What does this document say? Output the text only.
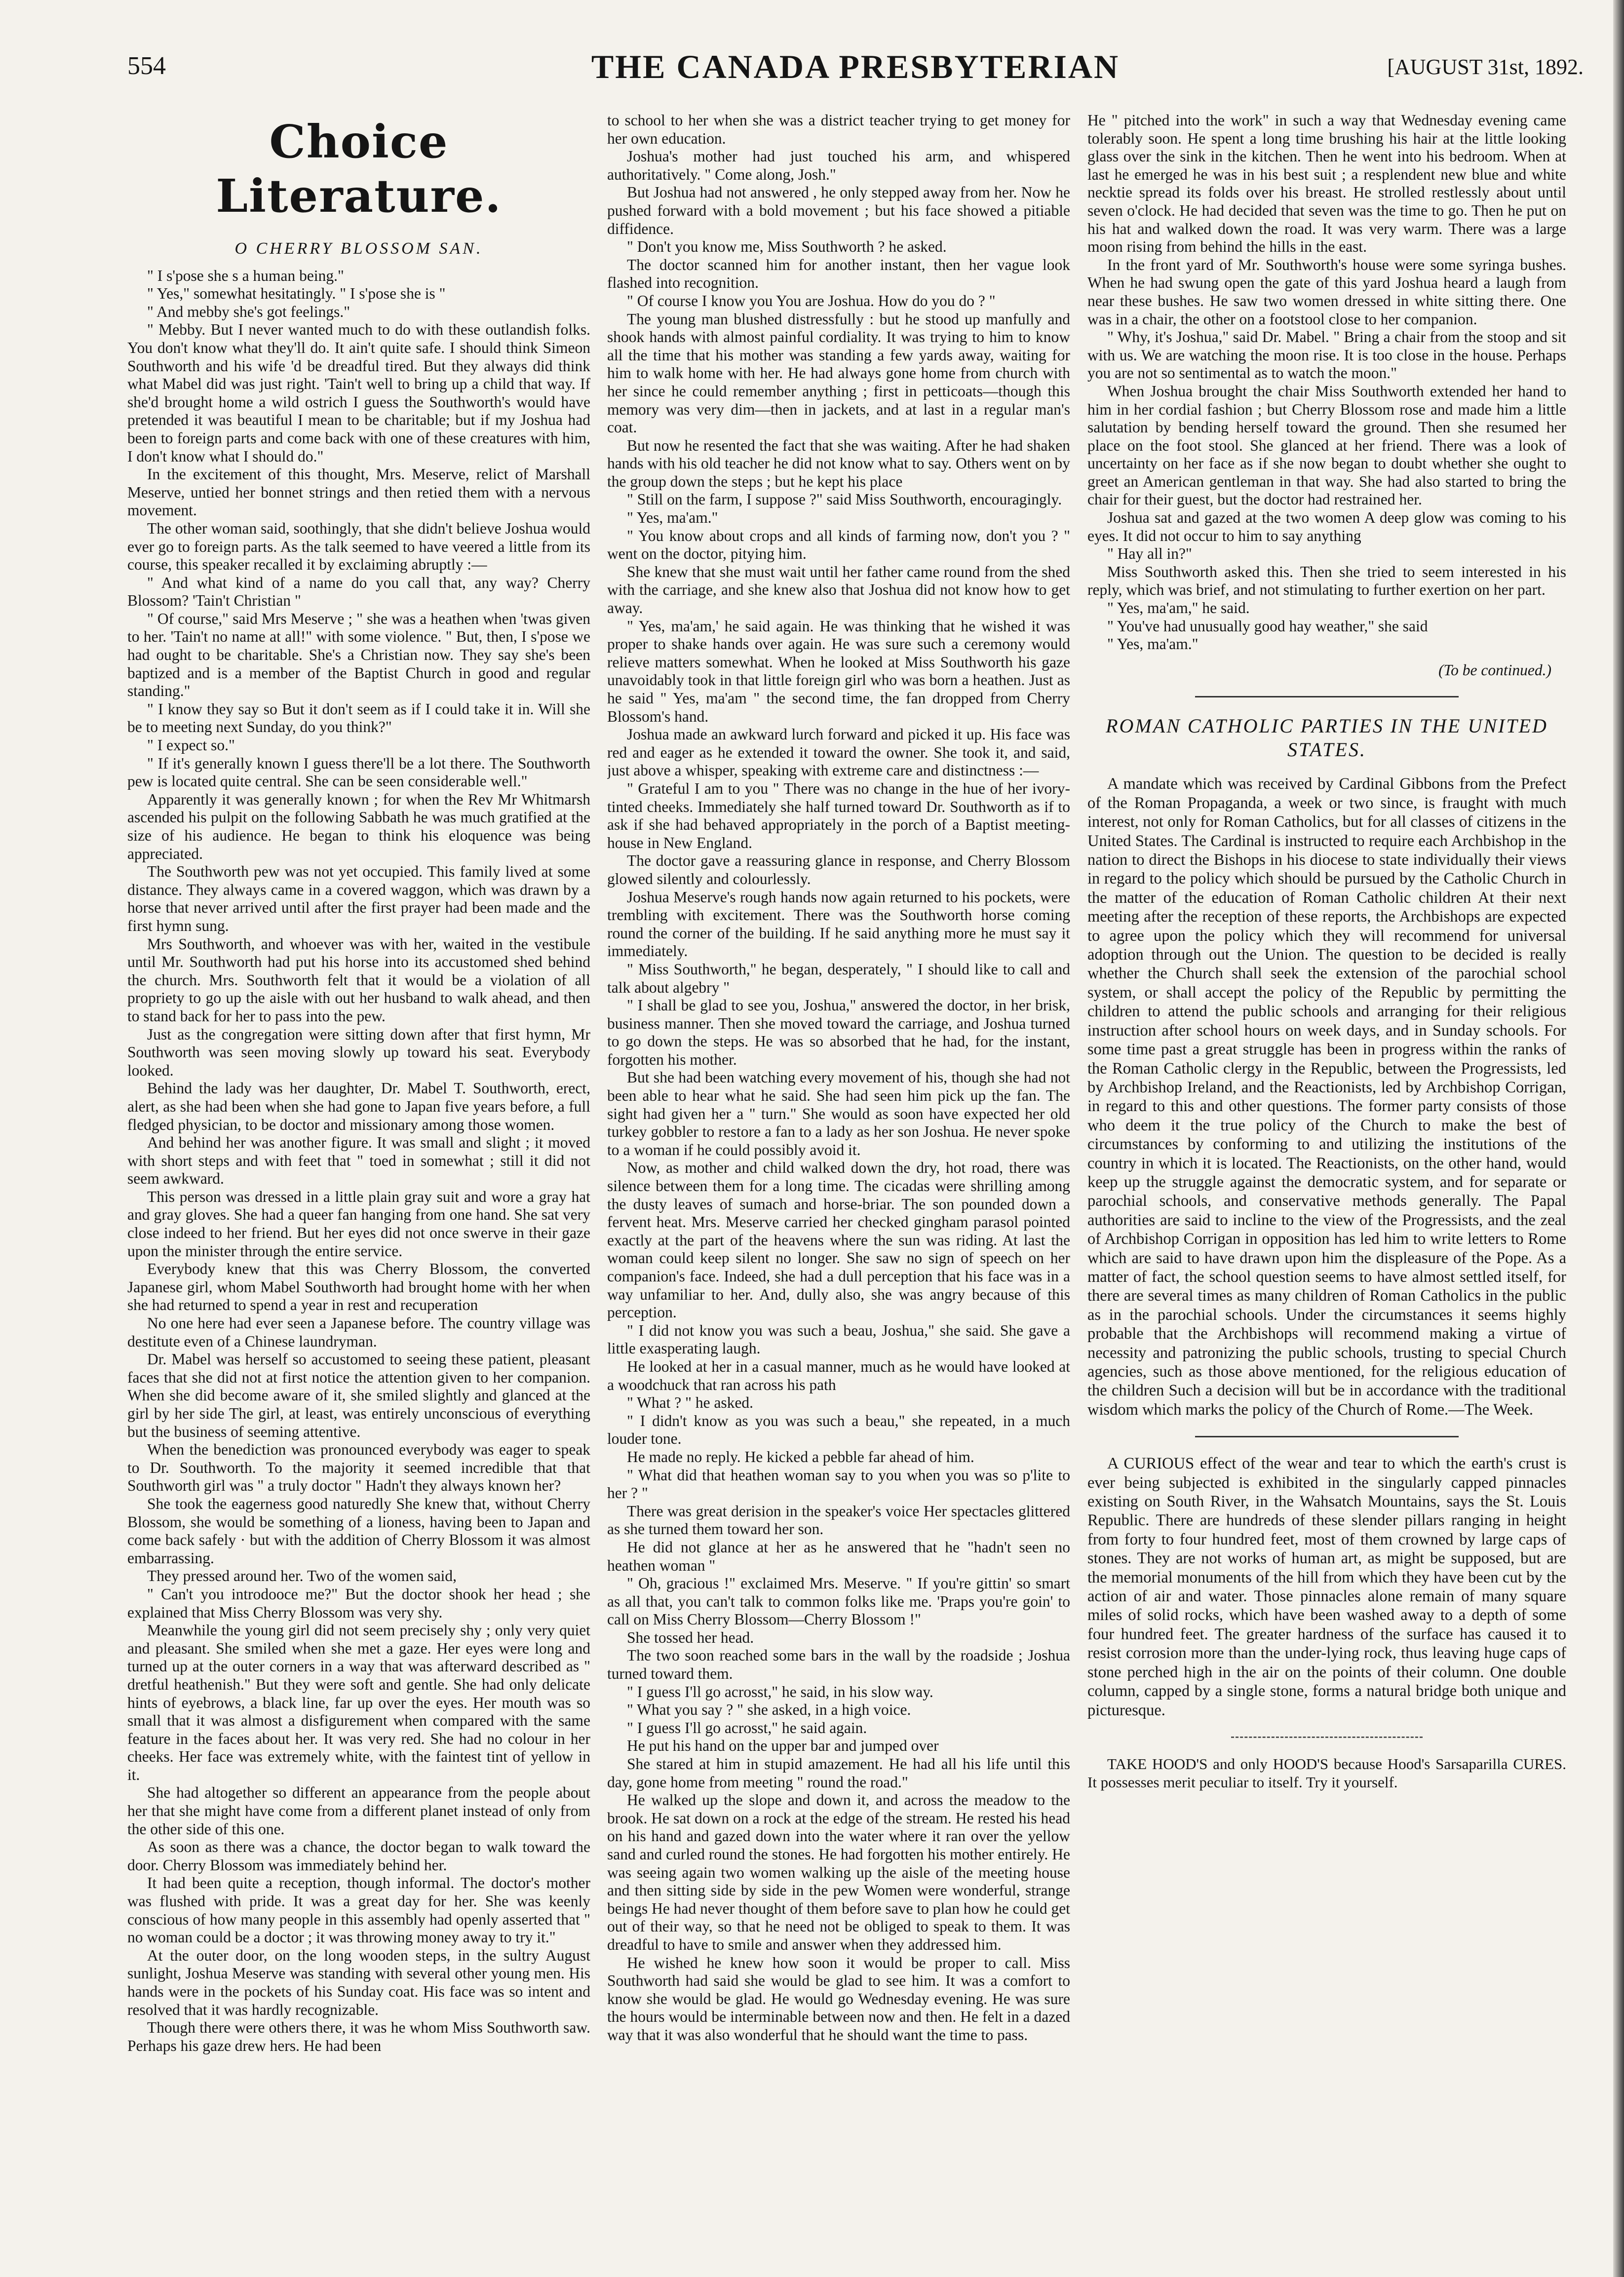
554	THE CANADA PRESBYTERIAN	[AUGUST 31st, 1892.
Choice Literature.
O CHERRY BLOSSOM SAN.

" I s'pose she s a human being."

" Yes," somewhat hesitatingly. " I s'pose she is "

" And mebby she's got feelings."

" Mebby. But I never wanted much to do with these outlandish folks. You don't know what they'll do. It ain't quite safe. I should think Simeon Southworth and his wife 'd be dreadful tired. But they always did think what Mabel did was just right. 'Tain't well to bring up a child that way. If she'd brought home a wild ostrich I guess the Southworth's would have pretended it was beautiful I mean to be charitable; but if my Joshua had been to foreign parts and come back with one of these creatures with him, I don't know what I should do."

In the excitement of this thought, Mrs. Meserve, relict of Marshall Meserve, untied her bonnet strings and then retied them with a nervous movement.

The other woman said, soothingly, that she didn't believe Joshua would ever go to foreign parts. As the talk seemed to have veered a little from its course, this speaker recalled it by exclaiming abruptly :—

" And what kind of a name do you call that, any way? Cherry Blossom? 'Tain't Christian "

" Of course," said Mrs Meserve ; " she was a heathen when 'twas given to her. 'Tain't no name at all!" with some violence. " But, then, I s'pose we had ought to be charitable. She's a Christian now. They say she's been baptized and is a member of the Baptist Church in good and regular standing."

" I know they say so But it don't seem as if I could take it in. Will she be to meeting next Sunday, do you think?"

" I expect so."

" If it's generally known I guess there'll be a lot there. The Southworth pew is located quite central. She can be seen considerable well."

Apparently it was generally known ; for when the Rev Mr Whitmarsh ascended his pulpit on the following Sabbath he was much gratified at the size of his audience. He began to think his eloquence was being appreciated.

The Southworth pew was not yet occupied. This family lived at some distance. They always came in a covered waggon, which was drawn by a horse that never arrived until after the first prayer had been made and the first hymn sung.

Mrs Southworth, and whoever was with her, waited in the vestibule until Mr. Southworth had put his horse into its accustomed shed behind the church. Mrs. Southworth felt that it would be a violation of all propriety to go up the aisle with out her husband to walk ahead, and then to stand back for her to pass into the pew.

Just as the congregation were sitting down after that first hymn, Mr Southworth was seen moving slowly up toward his seat. Everybody looked.

Behind the lady was her daughter, Dr. Mabel T. Southworth, erect, alert, as she had been when she had gone to Japan five years before, a full fledged physician, to be doctor and missionary among those women.

And behind her was another figure. It was small and slight ; it moved with short steps and with feet that " toed in somewhat ; still it did not seem awkward.

This person was dressed in a little plain gray suit and wore a gray hat and gray gloves. She had a queer fan hanging from one hand. She sat very close indeed to her friend. But her eyes did not once swerve in their gaze upon the minister through the entire service.

Everybody knew that this was Cherry Blossom, the converted Japanese girl, whom Mabel Southworth had brought home with her when she had returned to spend a year in rest and recuperation

No one here had ever seen a Japanese before. The country village was destitute even of a Chinese laundryman.

Dr. Mabel was herself so accustomed to seeing these patient, pleasant faces that she did not at first notice the attention given to her companion. When she did become aware of it, she smiled slightly and glanced at the girl by her side The girl, at least, was entirely unconscious of everything but the business of seeming attentive.

When the benediction was pronounced everybody was eager to speak to Dr. Southworth. To the majority it seemed incredible that that Southworth girl was " a truly doctor " Hadn't they always known her?

She took the eagerness good naturedly She knew that, without Cherry Blossom, she would be something of a lioness, having been to Japan and come back safely · but with the addition of Cherry Blossom it was almost embarrassing.

They pressed around her. Two of the women said,

" Can't you introdooce me?" But the doctor shook her head ; she explained that Miss Cherry Blossom was very shy.

Meanwhile the young girl did not seem precisely shy ; only very quiet and pleasant. She smiled when she met a gaze. Her eyes were long and turned up at the outer corners in a way that was afterward described as " dretful heathenish." But they were soft and gentle. She had only delicate hints of eyebrows, a black line, far up over the eyes. Her mouth was so small that it was almost a disfigurement when compared with the same feature in the faces about her. It was very red. She had no colour in her cheeks. Her face was extremely white, with the faintest tint of yellow in it.

She had altogether so different an appearance from the people about her that she might have come from a different planet instead of only from the other side of this one.

As soon as there was a chance, the doctor began to walk toward the door. Cherry Blossom was immediately behind her.

It had been quite a reception, though informal. The doctor's mother was flushed with pride. It was a great day for her. She was keenly conscious of how many people in this assembly had openly asserted that " no woman could be a doctor ; it was throwing money away to try it."

At the outer door, on the long wooden steps, in the sultry August sunlight, Joshua Meserve was standing with several other young men. His hands were in the pockets of his Sunday coat. His face was so intent and resolved that it was hardly recognizable.

Though there were others there, it was he whom Miss Southworth saw. Perhaps his gaze drew hers. He had been

to school to her when she was a district teacher trying to get money for her own education.

Joshua's mother had just touched his arm, and whispered authoritatively. " Come along, Josh."

But Joshua had not answered , he only stepped away from her. Now he pushed forward with a bold movement ; but his face showed a pitiable diffidence.

" Don't you know me, Miss Southworth ? he asked.

The doctor scanned him for another instant, then her vague look flashed into recognition.

" Of course I know you You are Joshua. How do you do ? "

The young man blushed distressfully : but he stood up manfully and shook hands with almost painful cordiality. It was trying to him to know all the time that his mother was standing a few yards away, waiting for him to walk home with her. He had always gone home from church with her since he could remember anything ; first in petticoats—though this memory was very dim—then in jackets, and at last in a regular man's coat.

But now he resented the fact that she was waiting. After he had shaken hands with his old teacher he did not know what to say. Others went on by the group down the steps ; but he kept his place

" Still on the farm, I suppose ?" said Miss Southworth, encouragingly.

" Yes, ma'am."

" You know about crops and all kinds of farming now, don't you ? " went on the doctor, pitying him.

She knew that she must wait until her father came round from the shed with the carriage, and she knew also that Joshua did not know how to get away.

" Yes, ma'am,' he said again. He was thinking that he wished it was proper to shake hands over again. He was sure such a ceremony would relieve matters somewhat. When he looked at Miss Southworth his gaze unavoidably took in that little foreign girl who was born a heathen. Just as he said " Yes, ma'am " the second time, the fan dropped from Cherry Blossom's hand.

Joshua made an awkward lurch forward and picked it up. His face was red and eager as he extended it toward the owner. She took it, and said, just above a whisper, speaking with extreme care and distinctness :—

" Grateful I am to you " There was no change in the hue of her ivory-tinted cheeks. Immediately she half turned toward Dr. Southworth as if to ask if she had behaved appropriately in the porch of a Baptist meeting-house in New England.

The doctor gave a reassuring glance in response, and Cherry Blossom glowed silently and colourlessly.

Joshua Meserve's rough hands now again returned to his pockets, were trembling with excitement. There was the Southworth horse coming round the corner of the building. If he said anything more he must say it immediately.

" Miss Southworth," he began, desperately, " I should like to call and talk about algebry "

" I shall be glad to see you, Joshua," answered the doctor, in her brisk, business manner. Then she moved toward the carriage, and Joshua turned to go down the steps. He was so absorbed that he had, for the instant, forgotten his mother.

But she had been watching every movement of his, though she had not been able to hear what he said. She had seen him pick up the fan. The sight had given her a " turn." She would as soon have expected her old turkey gobbler to restore a fan to a lady as her son Joshua. He never spoke to a woman if he could possibly avoid it.

Now, as mother and child walked down the dry, hot road, there was silence between them for a long time. The cicadas were shrilling among the dusty leaves of sumach and horse-briar. The son pounded down a fervent heat. Mrs. Meserve carried her checked gingham parasol pointed exactly at the part of the heavens where the sun was riding. At last the woman could keep silent no longer. She saw no sign of speech on her companion's face. Indeed, she had a dull perception that his face was in a way unfamiliar to her. And, dully also, she was angry because of this perception.

" I did not know you was such a beau, Joshua," she said. She gave a little exasperating laugh.

He looked at her in a casual manner, much as he would have looked at a woodchuck that ran across his path

" What ? " he asked.

" I didn't know as you was such a beau," she repeated, in a much louder tone.

He made no reply. He kicked a pebble far ahead of him.

" What did that heathen woman say to you when you was so p'lite to her ? "

There was great derision in the speaker's voice Her spectacles glittered as she turned them toward her son.

He did not glance at her as he answered that he "hadn't seen no heathen woman "

" Oh, gracious !" exclaimed Mrs. Meserve. " If you're gittin' so smart as all that, you can't talk to common folks like me. 'Praps you're goin' to call on Miss Cherry Blossom—Cherry Blossom !"

She tossed her head.

The two soon reached some bars in the wall by the roadside ; Joshua turned toward them.

" I guess I'll go acrosst," he said, in his slow way.

" What you say ? " she asked, in a high voice.

" I guess I'll go acrosst," he said again.

He put his hand on the upper bar and jumped over

She stared at him in stupid amazement. He had all his life until this day, gone home from meeting " round the road."

He walked up the slope and down it, and across the meadow to the brook. He sat down on a rock at the edge of the stream. He rested his head on his hand and gazed down into the water where it ran over the yellow sand and curled round the stones. He had forgotten his mother entirely. He was seeing again two women walking up the aisle of the meeting house and then sitting side by side in the pew Women were wonderful, strange beings He had never thought of them before save to plan how he could get out of their way, so that he need not be obliged to speak to them. It was dreadful to have to smile and answer when they addressed him.

He wished he knew how soon it would be proper to call. Miss Southworth had said she would be glad to see him. It was a comfort to know she would be glad. He would go Wednesday evening. He was sure the hours would be interminable between now and then. He felt in a dazed way that it was also wonderful that he should want the time to pass.

He " pitched into the work" in such a way that Wednesday evening came tolerably soon. He spent a long time brushing his hair at the little looking glass over the sink in the kitchen. Then he went into his bedroom. When at last he emerged he was in his best suit ; a resplendent new blue and white necktie spread its folds over his breast. He strolled restlessly about until seven o'clock. He had decided that seven was the time to go. Then he put on his hat and walked down the road. It was very warm. There was a large moon rising from behind the hills in the east.

In the front yard of Mr. Southworth's house were some syringa bushes. When he had swung open the gate of this yard Joshua heard a laugh from near these bushes. He saw two women dressed in white sitting there. One was in a chair, the other on a footstool close to her companion.

" Why, it's Joshua," said Dr. Mabel. " Bring a chair from the stoop and sit with us. We are watching the moon rise. It is too close in the house. Perhaps you are not so sentimental as to watch the moon."

When Joshua brought the chair Miss Southworth extended her hand to him in her cordial fashion ; but Cherry Blossom rose and made him a little salutation by bending herself toward the ground. Then she resumed her place on the foot stool. She glanced at her friend. There was a look of uncertainty on her face as if she now began to doubt whether she ought to greet an American gentleman in that way. She had also started to bring the chair for their guest, but the doctor had restrained her.

Joshua sat and gazed at the two women A deep glow was coming to his eyes. It did not occur to him to say anything

" Hay all in?"

Miss Southworth asked this. Then she tried to seem interested in his reply, which was brief, and not stimulating to further exertion on her part.

" Yes, ma'am," he said.

" You've had unusually good hay weather," she said

" Yes, ma'am."

(To be continued.)
ROMAN CATHOLIC PARTIES IN THE UNITED STATES.

A mandate which was received by Cardinal Gibbons from the Prefect of the Roman Propaganda, a week or two since, is fraught with much interest, not only for Roman Catholics, but for all classes of citizens in the United States. The Cardinal is instructed to require each Archbishop in the nation to direct the Bishops in his diocese to state individually their views in regard to the policy which should be pursued by the Catholic Church in the matter of the education of Roman Catholic children At their next meeting after the reception of these reports, the Archbishops are expected to agree upon the policy which they will recommend for universal adoption through out the Union. The question to be decided is really whether the Church shall seek the extension of the parochial school system, or shall accept the policy of the Republic by permitting the children to attend the public schools and arranging for their religious instruction after school hours on week days, and in Sunday schools. For some time past a great struggle has been in progress within the ranks of the Roman Catholic clergy in the Republic, between the Progressists, led by Archbishop Ireland, and the Reactionists, led by Archbishop Corrigan, in regard to this and other questions. The former party consists of those who deem it the true policy of the Church to make the best of circumstances by conforming to and utilizing the institutions of the country in which it is located. The Reactionists, on the other hand, would keep up the struggle against the democratic system, and for separate or parochial schools, and conservative methods generally. The Papal authorities are said to incline to the view of the Progressists, and the zeal of Archbishop Corrigan in opposition has led him to write letters to Rome which are said to have drawn upon him the displeasure of the Pope. As a matter of fact, the school question seems to have almost settled itself, for there are several times as many children of Roman Catholics in the public as in the parochial schools. Under the circumstances it seems highly probable that the Archbishops will recommend making a virtue of necessity and patronizing the public schools, trusting to special Church agencies, such as those above mentioned, for the religious education of the children Such a decision will but be in accordance with the traditional wisdom which marks the policy of the Church of Rome.—The Week.

A CURIOUS effect of the wear and tear to which the earth's crust is ever being subjected is exhibited in the singularly capped pinnacles existing on South River, in the Wahsatch Mountains, says the St. Louis Republic. There are hundreds of these slender pillars ranging in height from forty to four hundred feet, most of them crowned by large caps of stones. They are not works of human art, as might be supposed, but are the memorial monuments of the hill from which they have been cut by the action of air and water. Those pinnacles alone remain of many square miles of solid rocks, which have been washed away to a depth of some four hundred feet. The greater hardness of the surface has caused it to resist corrosion more than the under-lying rock, thus leaving huge caps of stone perched high in the air on the points of their column. One double column, capped by a single stone, forms a natural bridge both unique and picturesque.

TAKE HOOD'S and only HOOD'S because Hood's Sarsaparilla CURES. It possesses merit peculiar to itself. Try it yourself.
